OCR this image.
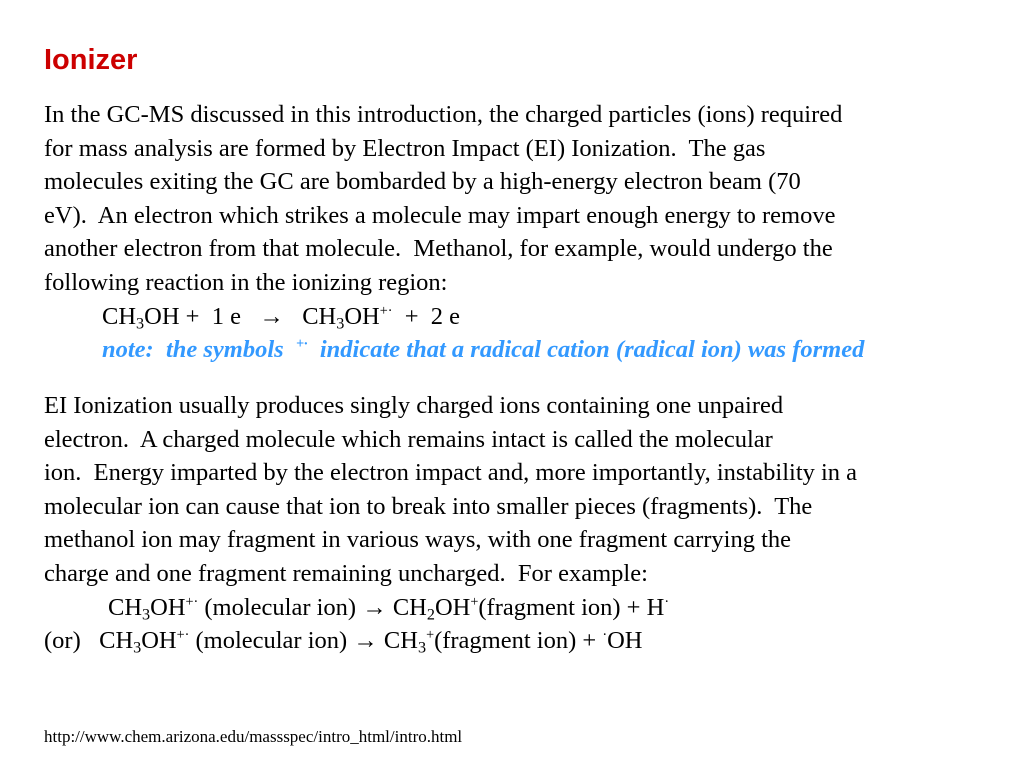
Ionizer
In the GC-MS discussed in this introduction, the charged particles (ions) required
for mass analysis are formed by Electron Impact (EI) Ionization.  The gas
molecules exiting the GC are bombarded by a high-energy electron beam (70
eV).  An electron which strikes a molecule may impart enough energy to remove
another electron from that molecule.  Methanol, for example, would undergo the
following reaction in the ionizing region:
$CH_3OH + 1$ $e \to CH_3OH^{+\cdot} + 2$ e
note:  the symbols  +·  indicate that a radical cation (radical ion) was formed
EI Ionization usually produces singly charged ions containing one unpaired
electron.  A charged molecule which remains intact is called the molecular
ion.  Energy imparted by the electron impact and, more importantly, instability in a
molecular ion can cause that ion to break into smaller pieces (fragments).  The
methanol ion may fragment in various ways, with one fragment carrying the
charge and one fragment remaining uncharged.  For example:
$CH_3OH^{+\cdot}$ (molecular $ion) \to CH_2OH^+(fragment$ ion) + H·
(or)   $CH_3OH^{+\cdot}$ (molecular $ion) \to CH_3^+(fragment$ ion) + ·OH
http://www.chem.arizona.edu/massspec/intro_html/intro.html
